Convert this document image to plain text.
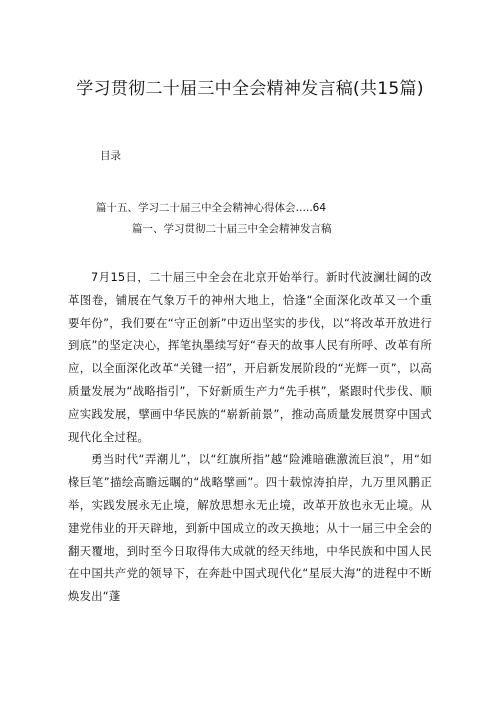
学习贯彻二十届三中全会精神发言稿(共15篇)

目录

篇十五、学习二十届三中全会精神心得体会…..64
篇一、学习贯彻二十届三中全会精神发言稿

7月15日，二十届三中全会在北京开始举行。新时代波澜壮阔的改革图卷，铺展在气象万千的神州大地上，恰逢“全面深化改革又一个重要年份”，我们要在“守正创新”中迈出坚实的步伐，以“将改革开放进行到底”的坚定决心，挥笔执墨续写好“春天的故事人民有所呼、改革有所应，以全面深化改革“关键一招”，开启新发展阶段的“光辉一页”，以高质量发展为“战略指引”，下好新质生产力“先手棋”，紧跟时代步伐、顺应实践发展，擘画中华民族的“崭新前景”，推动高质量发展贯穿中国式现代化全过程。

勇当时代“弄潮儿”，以“红旗所指”越“险滩暗礁激流巨浪”，用“如椽巨笔”描绘高瞻远瞩的“战略擘画”。四十载惊涛拍岸，九万里风鹏正举，实践发展永无止境，解放思想永无止境，改革开放也永无止境。从建党伟业的开天辟地，到新中国成立的改天换地；从十一届三中全会的翻天覆地，到时至今日取得伟大成就的经天纬地，中华民族和中国人民在中国共产党的领导下，在奔赴中国式现代化“星辰大海”的进程中不断焕发出“蓬
